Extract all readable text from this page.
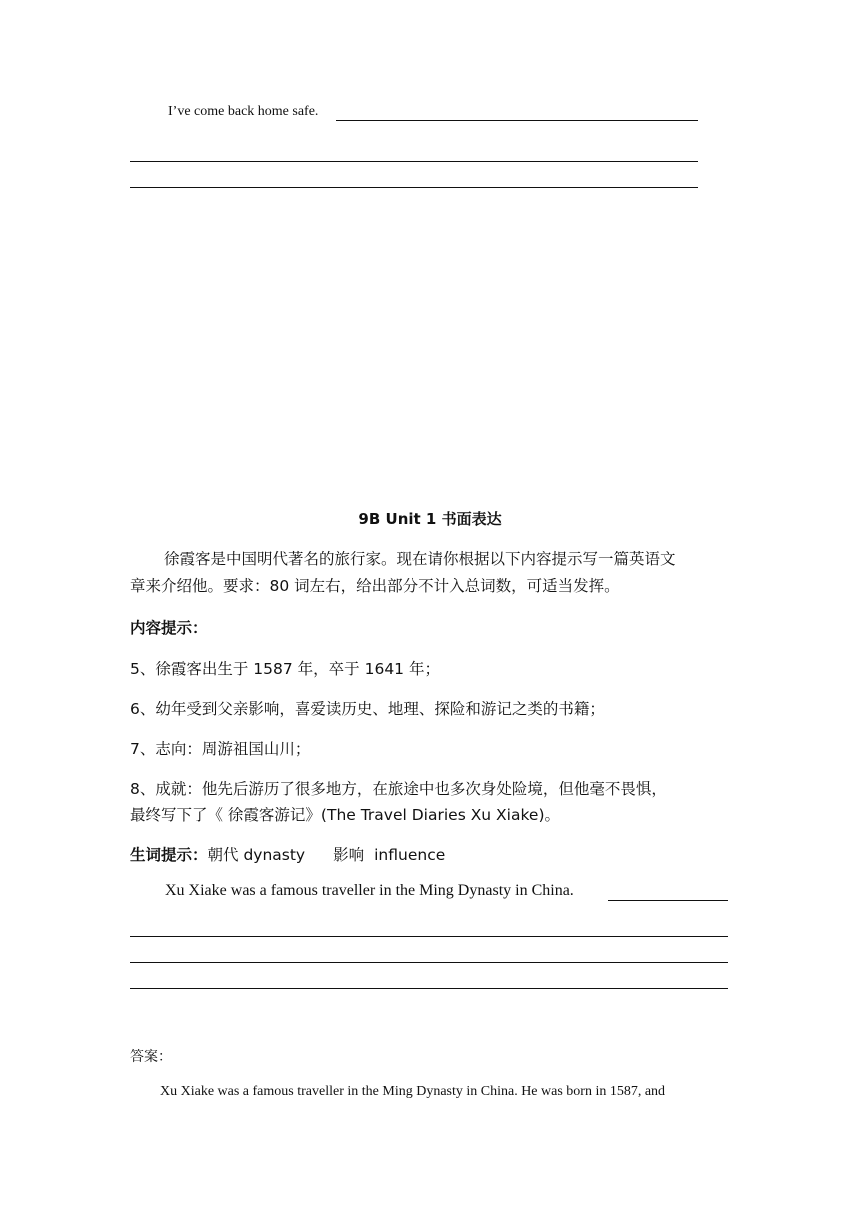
I’ve come back home safe.
9B Unit 1 书面表达
徐霞客是中国明代著名的旅行家。现在请你根据以下内容提示写一篇英语文
章来介绍他。要求：80 词左右，给出部分不计入总词数，可适当发挥。
内容提示：
5、徐霞客出生于 1587 年，卒于 1641 年；
6、幼年受到父亲影响，喜爱读历史、地理、探险和游记之类的书籍；
7、志向：周游祖国山川；
8、成就：他先后游历了很多地方，在旅途中也多次身处险境，但他毫不畏惧，
最终写下了《 徐霞客游记》(The Travel Diaries Xu Xiake)。
生词提示：朝代 dynasty 影响 influence
Xu Xiake was a famous traveller in the Ming Dynasty in China.
答案：
Xu Xiake was a famous traveller in the Ming Dynasty in China. He was born in 1587, and
